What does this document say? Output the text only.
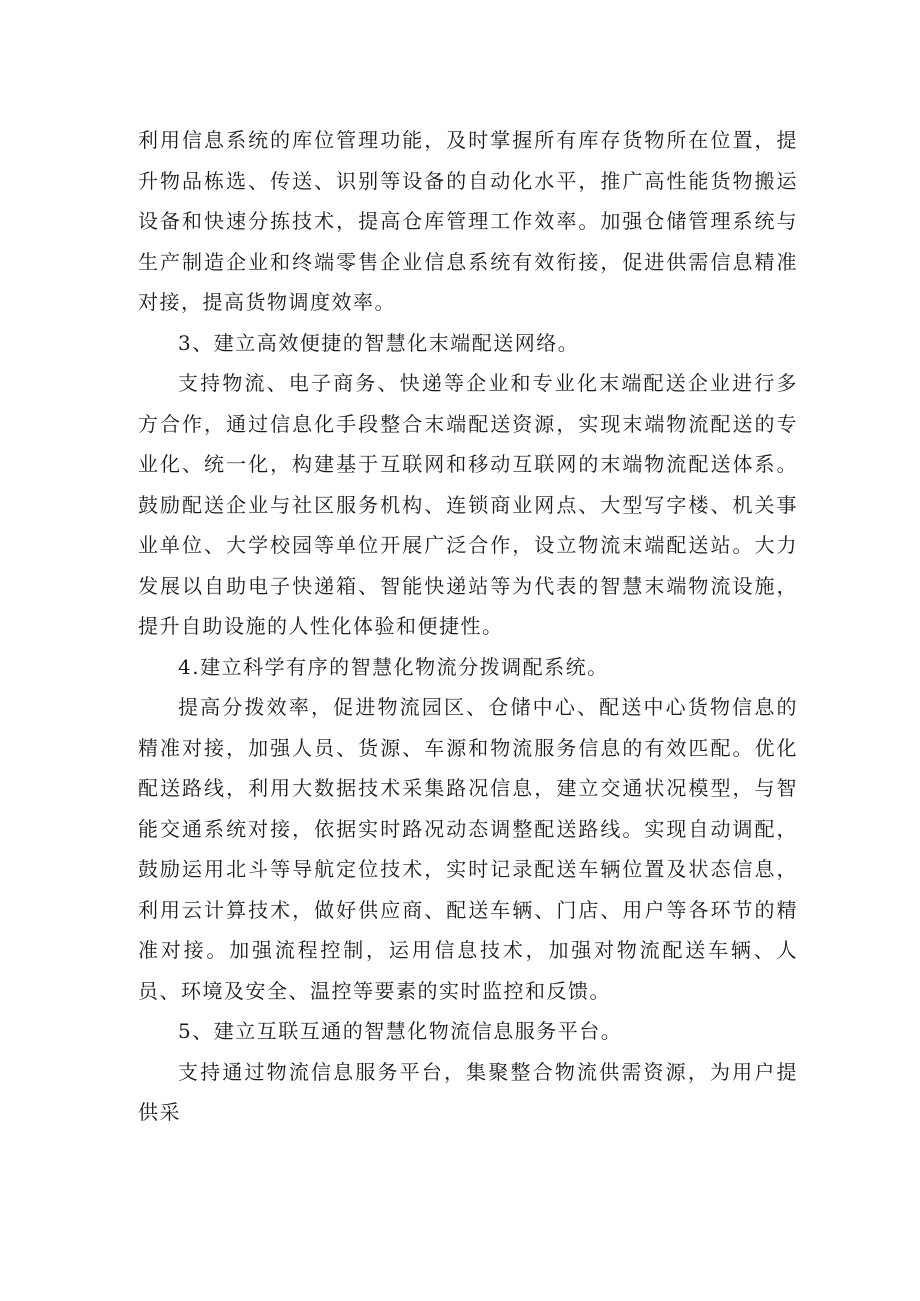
利用信息系统的库位管理功能，及时掌握所有库存货物所在位置，提升物品栋选、传送、识别等设备的自动化水平，推广高性能货物搬运设备和快速分拣技术，提高仓库管理工作效率。加强仓储管理系统与生产制造企业和终端零售企业信息系统有效衔接，促进供需信息精准对接，提高货物调度效率。

3、建立高效便捷的智慧化末端配送网络。

支持物流、电子商务、快递等企业和专业化末端配送企业进行多方合作，通过信息化手段整合末端配送资源，实现末端物流配送的专业化、统一化，构建基于互联网和移动互联网的末端物流配送体系。鼓励配送企业与社区服务机构、连锁商业网点、大型写字楼、机关事业单位、大学校园等单位开展广泛合作，设立物流末端配送站。大力发展以自助电子快递箱、智能快递站等为代表的智慧末端物流设施，提升自助设施的人性化体验和便捷性。

4.建立科学有序的智慧化物流分拨调配系统。

提高分拨效率，促进物流园区、仓储中心、配送中心货物信息的精准对接，加强人员、货源、车源和物流服务信息的有效匹配。优化配送路线，利用大数据技术采集路况信息，建立交通状况模型，与智能交通系统对接，依据实时路况动态调整配送路线。实现自动调配，鼓励运用北斗等导航定位技术，实时记录配送车辆位置及状态信息，利用云计算技术，做好供应商、配送车辆、门店、用户等各环节的精准对接。加强流程控制，运用信息技术，加强对物流配送车辆、人员、环境及安全、温控等要素的实时监控和反馈。

5、建立互联互通的智慧化物流信息服务平台。

支持通过物流信息服务平台，集聚整合物流供需资源，为用户提供采
